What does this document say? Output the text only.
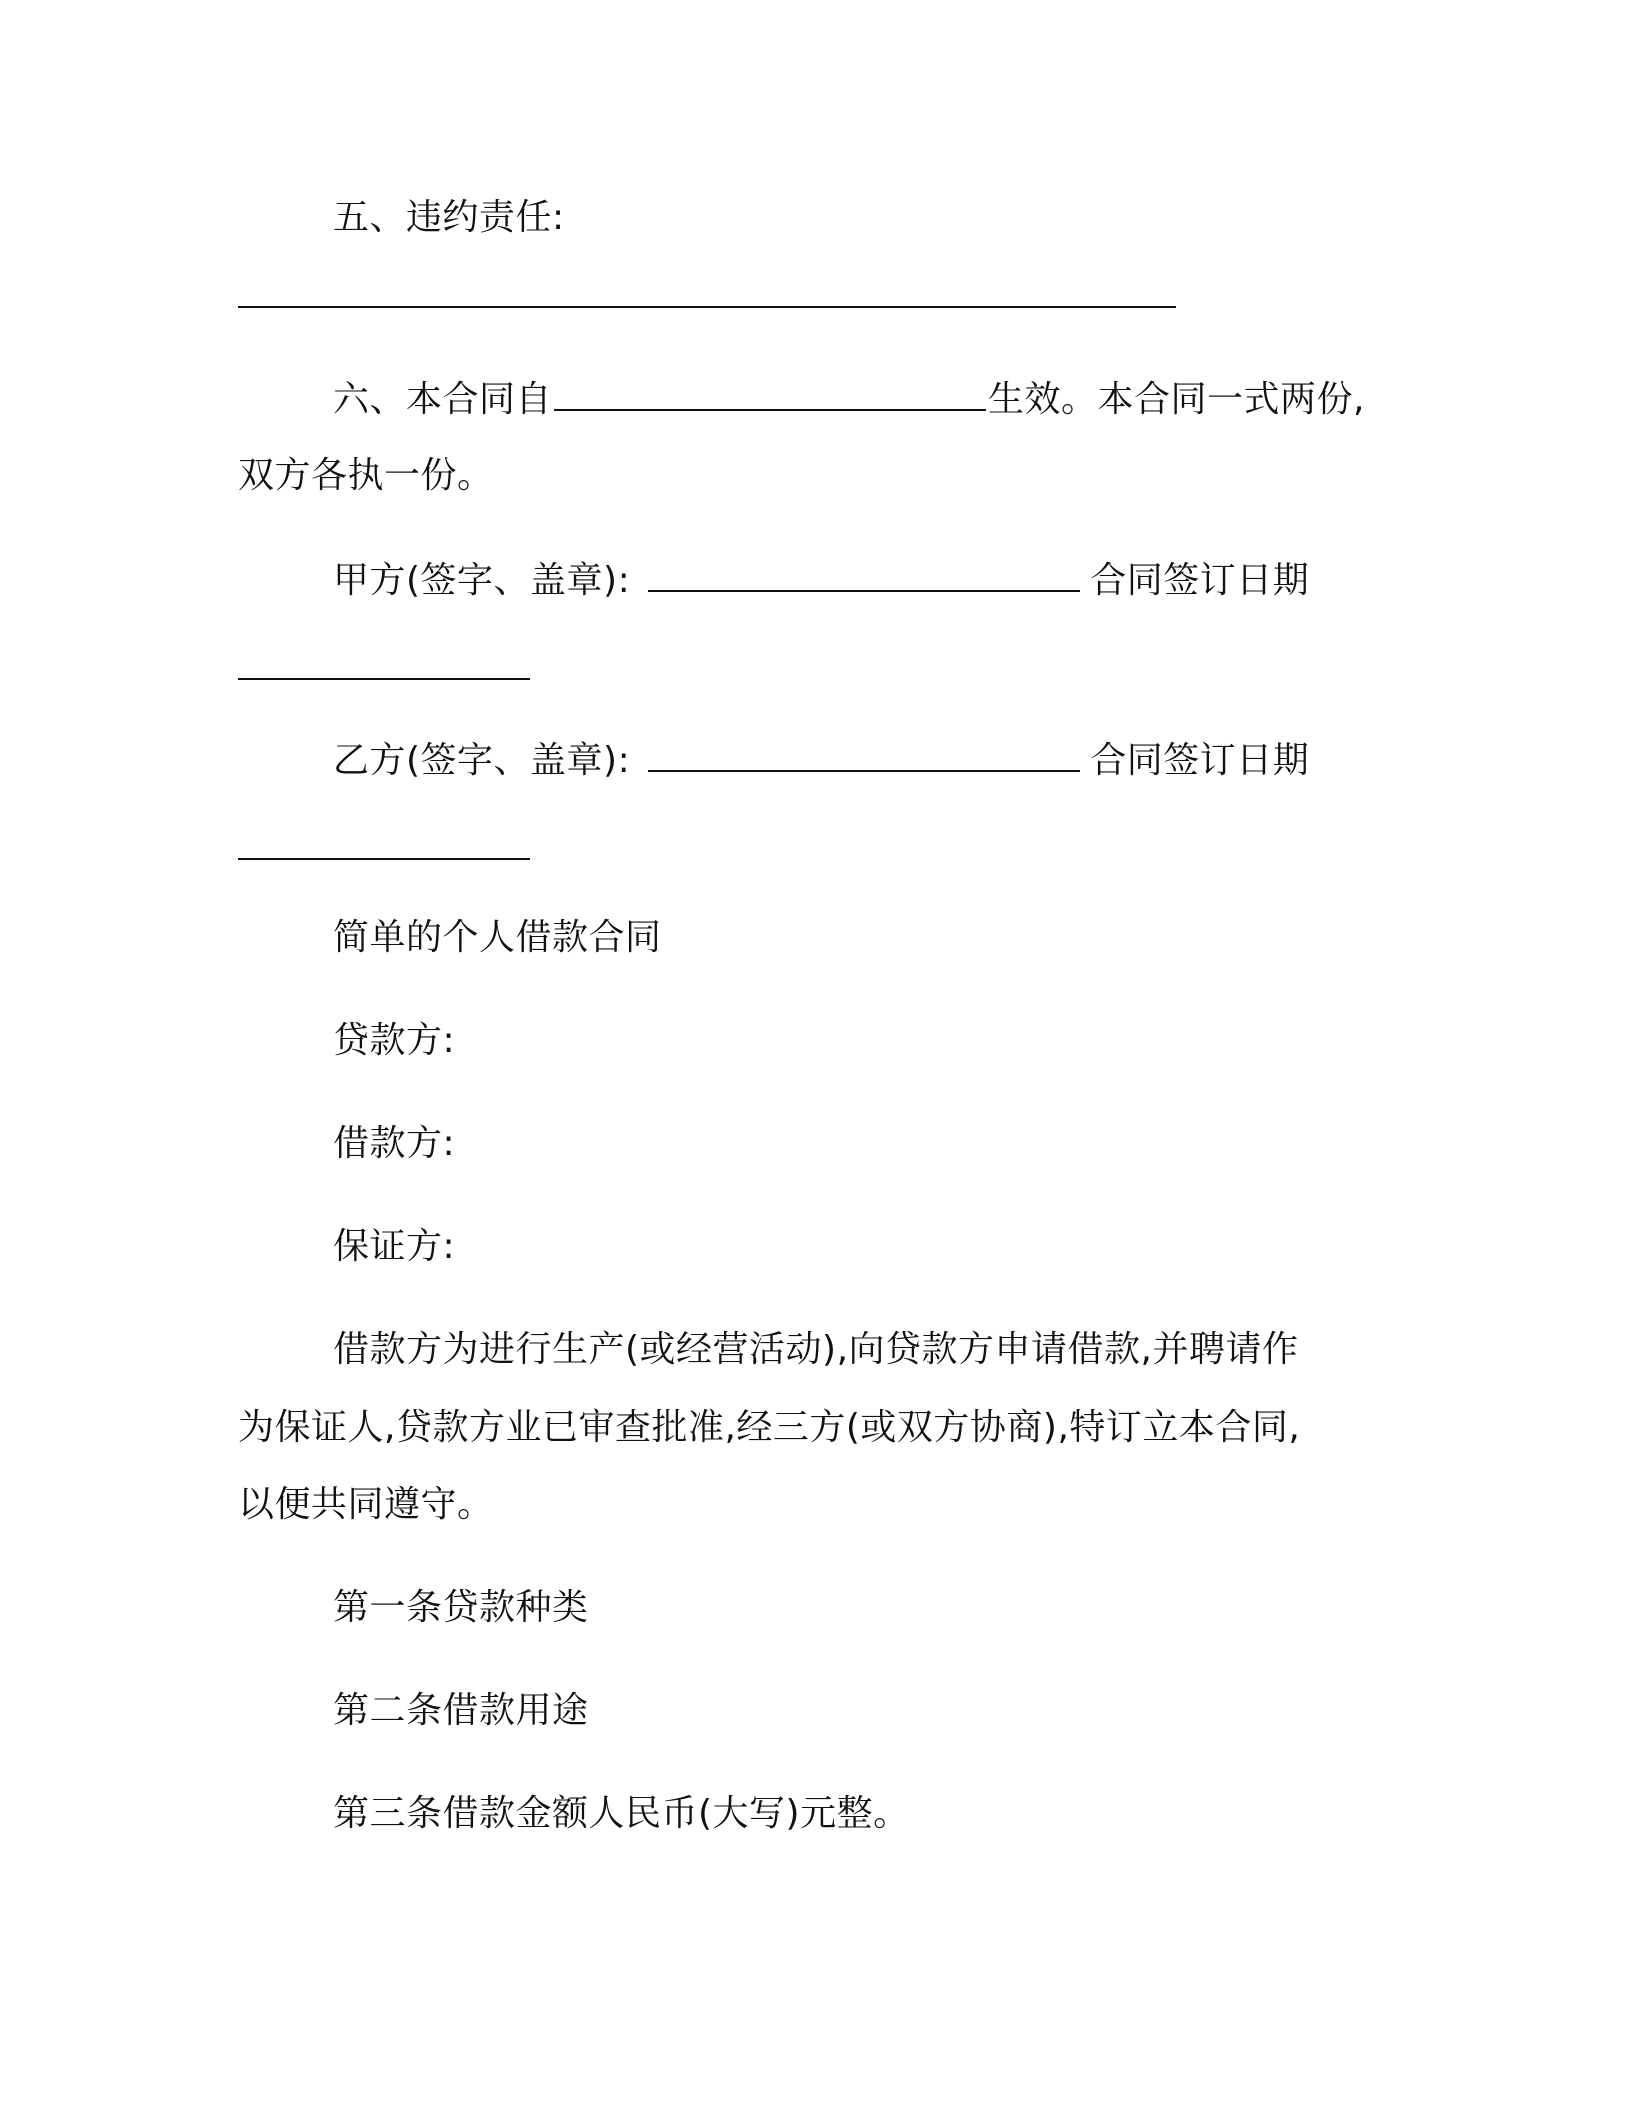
五、违约责任:
六、本合同自	生效。本合同一式两份,
双方各执一份。
甲方(签字、盖章):	合同签订日期
乙方(签字、盖章):	合同签订日期
简单的个人借款合同
贷款方:
借款方:
保证方:
借款方为进行生产(或经营活动),向贷款方申请借款,并聘请作
为保证人,贷款方业已审查批准,经三方(或双方协商),特订立本合同,
以便共同遵守。
第一条贷款种类
第二条借款用途
第三条借款金额人民币(大写)元整。
